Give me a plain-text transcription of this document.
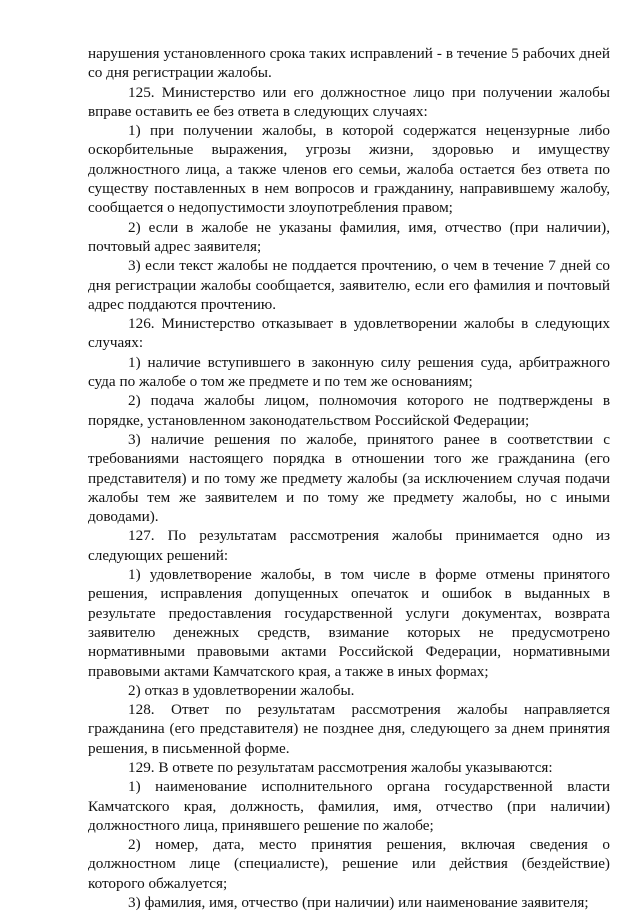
нарушения установленного срока таких исправлений - в течение 5 рабочих дней со дня регистрации жалобы.

125. Министерство или его должностное лицо при получении жалобы вправе оставить ее без ответа в следующих случаях:

1) при получении жалобы, в которой содержатся нецензурные либо оскорбительные выражения, угрозы жизни, здоровью и имуществу должностного лица, а также членов его семьи, жалоба остается без ответа по существу поставленных в нем вопросов и гражданину, направившему жалобу, сообщается о недопустимости злоупотребления правом;

2) если в жалобе не указаны фамилия, имя, отчество (при наличии), почтовый адрес заявителя;

3) если текст жалобы не поддается прочтению, о чем в течение 7 дней со дня регистрации жалобы сообщается, заявителю, если его фамилия и почтовый адрес поддаются прочтению.

126. Министерство отказывает в удовлетворении жалобы в следующих случаях:

1) наличие вступившего в законную силу решения суда, арбитражного суда по жалобе о том же предмете и по тем же основаниям;

2) подача жалобы лицом, полномочия которого не подтверждены в порядке, установленном законодательством Российской Федерации;

3) наличие решения по жалобе, принятого ранее в соответствии с требованиями настоящего порядка в отношении того же гражданина (его представителя) и по тому же предмету жалобы (за исключением случая подачи жалобы тем же заявителем и по тому же предмету жалобы, но с иными доводами).

127. По результатам рассмотрения жалобы принимается одно из следующих решений:

1) удовлетворение жалобы, в том числе в форме отмены принятого решения, исправления допущенных опечаток и ошибок в выданных в результате предоставления государственной услуги документах, возврата заявителю денежных средств, взимание которых не предусмотрено нормативными правовыми актами Российской Федерации, нормативными правовыми актами Камчатского края, а также в иных формах;

2) отказ в удовлетворении жалобы.

128. Ответ по результатам рассмотрения жалобы направляется гражданина (его представителя) не позднее дня, следующего за днем принятия решения, в письменной форме.

129. В ответе по результатам рассмотрения жалобы указываются:

1) наименование исполнительного органа государственной власти Камчатского края, должность, фамилия, имя, отчество (при наличии) должностного лица, принявшего решение по жалобе;

2) номер, дата, место принятия решения, включая сведения о должностном лице (специалисте), решение или действия (бездействие) которого обжалуется;

3) фамилия, имя, отчество (при наличии) или наименование заявителя;
